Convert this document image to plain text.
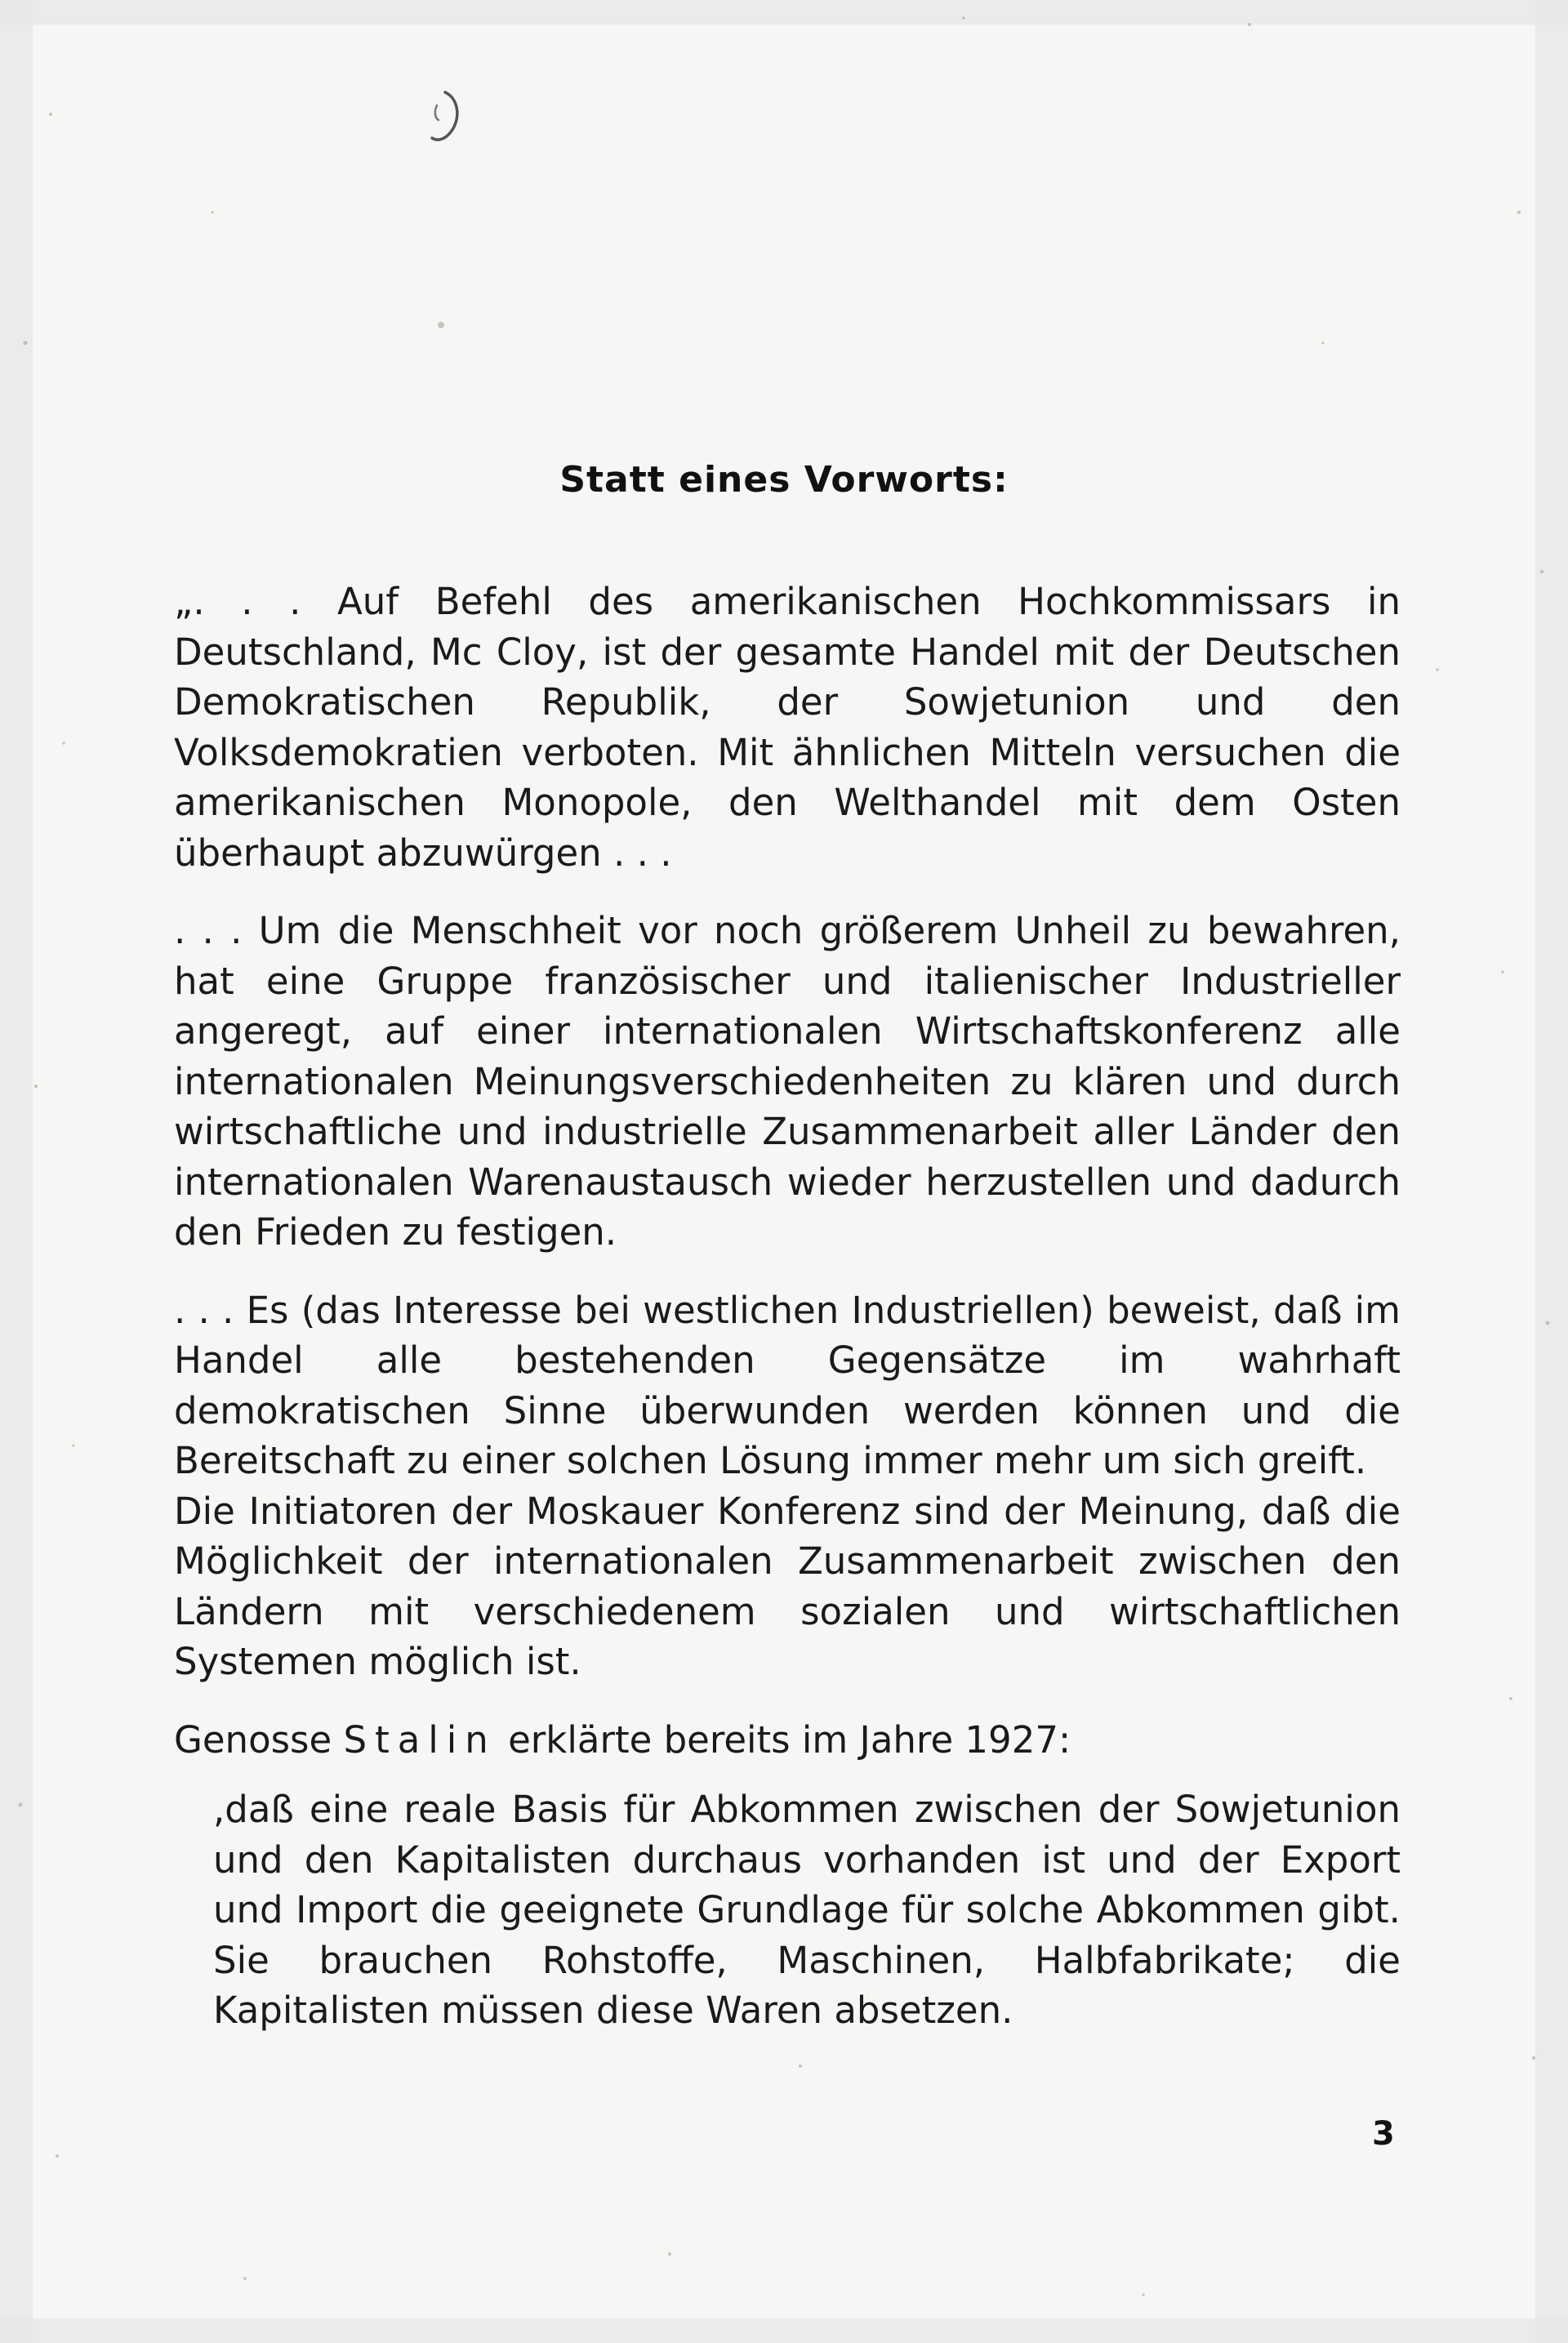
Statt eines Vorworts:

„. . . Auf Befehl des amerikanischen Hochkommissars in Deutschland, Mc Cloy, ist der gesamte Handel mit der Deutschen Demokratischen Republik, der Sowjetunion und den Volksdemokratien verboten. Mit ähnlichen Mitteln versuchen die amerikanischen Monopole, den Welthandel mit dem Osten überhaupt abzuwürgen . . .

. . . Um die Menschheit vor noch größerem Unheil zu bewahren, hat eine Gruppe französischer und italienischer Industrieller angeregt, auf einer internationalen Wirtschaftskonferenz alle internationalen Meinungsverschiedenheiten zu klären und durch wirtschaftliche und industrielle Zusammenarbeit aller Länder den internationalen Warenaustausch wieder herzustellen und dadurch den Frieden zu festigen.

. . . Es (das Interesse bei westlichen Industriellen) beweist, daß im Handel alle bestehenden Gegensätze im wahrhaft demokratischen Sinne überwunden werden können und die Bereitschaft zu einer solchen Lösung immer mehr um sich greift.

Die Initiatoren der Moskauer Konferenz sind der Meinung, daß die Möglichkeit der internationalen Zusammenarbeit zwischen den Ländern mit verschiedenem sozialen und wirtschaftlichen Systemen möglich ist.

Genosse Stalin erklärte bereits im Jahre 1927:

,daß eine reale Basis für Abkommen zwischen der Sowjetunion und den Kapitalisten durchaus vorhanden ist und der Export und Import die geeignete Grundlage für solche Abkommen gibt. Sie brauchen Rohstoffe, Maschinen, Halbfabrikate; die Kapitalisten müssen diese Waren absetzen.

3
